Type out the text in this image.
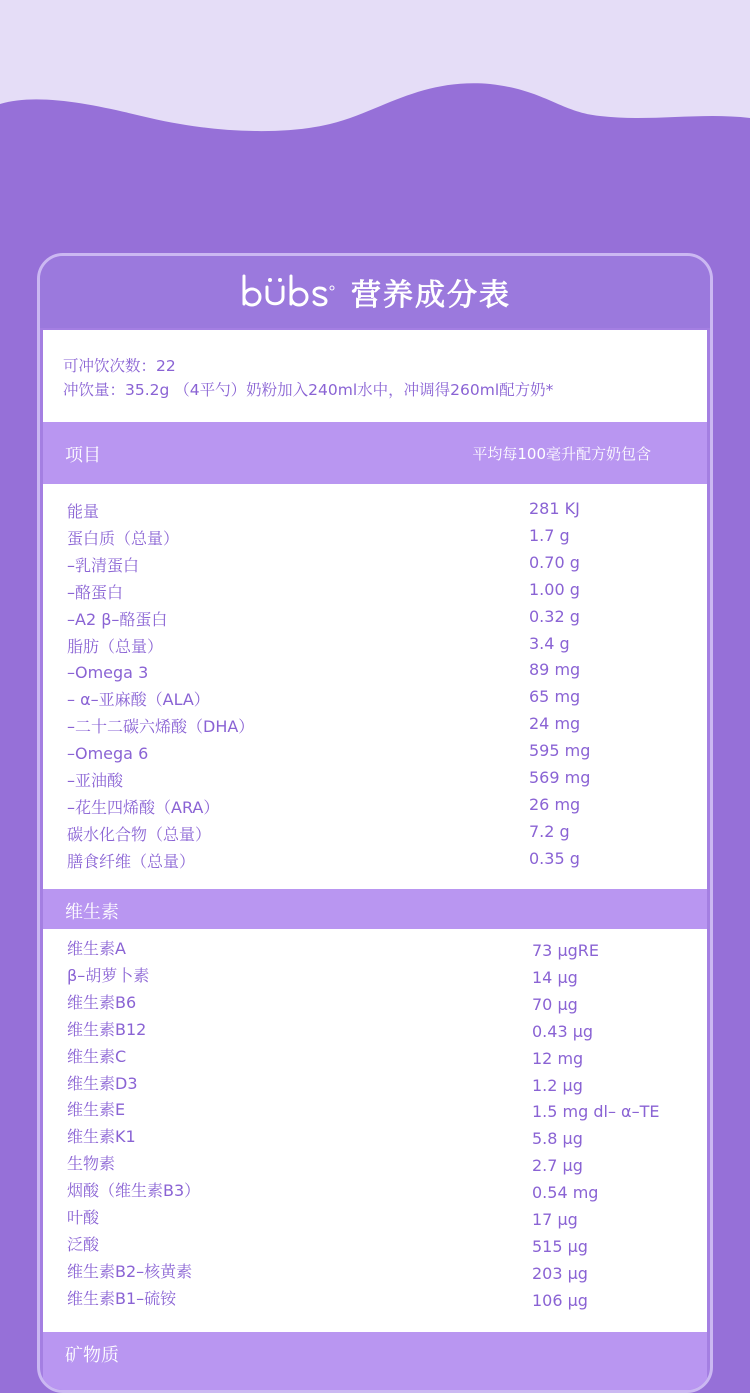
营养成分表
可冲饮次数：22
冲饮量：35.2g （4平勺）奶粉加入240ml水中，冲调得260ml配方奶*
项目	平均每100毫升配方奶包含
能量	281 KJ
蛋白质（总量）	1.7 g
–乳清蛋白	0.70 g
–酪蛋白	1.00 g
–A2 β–酪蛋白	0.32 g
脂肪（总量）	3.4 g
–Omega 3	89 mg
– α–亚麻酸（ALA）	65 mg
–二十二碳六烯酸（DHA）	24 mg
–Omega 6	595 mg
–亚油酸	569 mg
–花生四烯酸（ARA）	26 mg
碳水化合物（总量）	7.2 g
膳食纤维（总量）	0.35 g
维生素
维生素A	73 μgRE
β–胡萝卜素	14 μg
维生素B6	70 μg
维生素B12	0.43 μg
维生素C	12 mg
维生素D3	1.2 μg
维生素E	1.5 mg dl– α–TE
维生素K1	5.8 μg
生物素	2.7 μg
烟酸（维生素B3）	0.54 mg
叶酸	17 μg
泛酸	515 μg
维生素B2–核黄素	203 μg
维生素B1–硫铵	106 μg
矿物质
